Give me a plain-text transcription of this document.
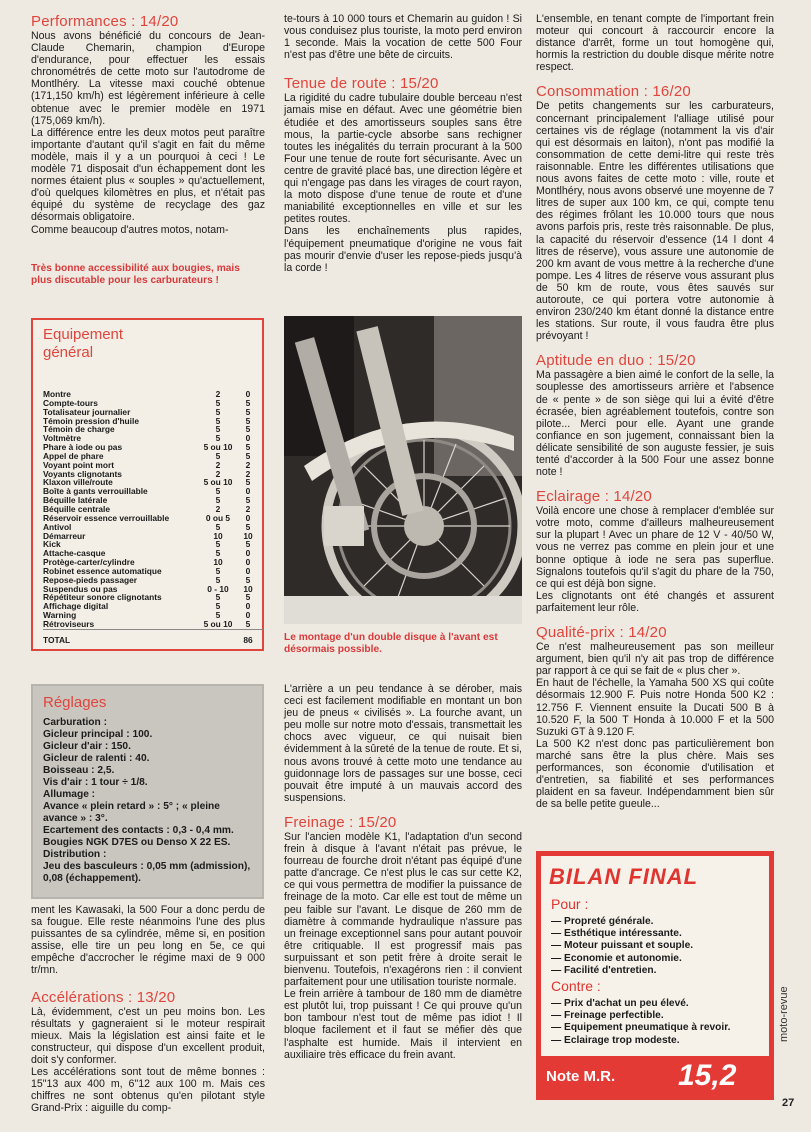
Performances : 14/20

Nous avons bénéficié du concours de Jean-Claude Chemarin, champion d'Europe d'endurance, pour effectuer les essais chronométrés de cette moto sur l'autodrome de Montlhéry. La vitesse maxi couché obtenue (171,150 km/h) est légèrement inférieure à celle obtenue avec le premier modèle en 1971 (175,069 km/h).

La différence entre les deux motos peut paraître importante d'autant qu'il s'agit en fait du même modèle, mais il y a un pourquoi à ceci ! Le modèle 71 disposait d'un échappement dont les normes étaient plus « souples » qu'actuellement, d'où quelques kilomètres en plus, et n'était pas équipé du système de recyclage des gaz désormais obligatoire.

Comme beaucoup d'autres motos, notam-

Très bonne accessibilité aux bougies, mais plus discutable pour les carburateurs !
Equipement général
Montre	2	0
Compte-tours	5	5
Totalisateur journalier	5	5
Témoin pression d'huile	5	5
Témoin de charge	5	5
Voltmètre	5	0
Phare à iode ou pas	5 ou 10	5
Appel de phare	5	5
Voyant point mort	2	2
Voyants clignotants	2	2
Klaxon ville/route	5 ou 10	5
Boîte à gants verrouillable	5	0
Béquille latérale	5	5
Béquille centrale	2	2
Réservoir essence verrouillable	0 ou 5	0
Antivol	5	5
Démarreur	10	10
Kick	5	5
Attache-casque	5	0
Protège-carter/cylindre	10	0
Robinet essence automatique	5	0
Repose-pieds passager	5	5
Suspendus ou pas	0 - 10	10
Répétiteur sonore clignotants	5	5
Affichage digital	5	0
Warning	5	0
Rétroviseurs	5 ou 10	5
TOTAL		86
Réglages
Carburation :
Gicleur principal : 100.
Gicleur d'air : 150.
Gicleur de ralenti : 40.
Boisseau : 2,5.
Vis d'air : 1 tour ÷ 1/8.
Allumage :
Avance « plein retard » : 5° ; « pleine avance » : 3°.
Ecartement des contacts : 0,3 - 0,4 mm.
Bougies NGK D7ES ou Denso X 22 ES.
Distribution :
Jeu des basculeurs : 0,05 mm (admission), 0,08 (échappement).

ment les Kawasaki, la 500 Four a donc perdu de sa fougue. Elle reste néanmoins l'une des plus puissantes de sa cylindrée, même si, en position assise, elle tire un peu long en 5e, ce qui empêche d'accrocher le régime maxi de 9 000 tr/mn.

Accélérations : 13/20

Là, évidemment, c'est un peu moins bon. Les résultats y gagneraient si le moteur respirait mieux. Mais la législation est ainsi faite et le constructeur, qui dispose d'un excellent produit, doit s'y conformer.

Les accélérations sont tout de même bonnes : 15"13 aux 400 m, 6"12 aux 100 m. Mais ces chiffres ne sont obtenus qu'en pilotant style Grand-Prix : aiguille du comp-

te-tours à 10 000 tours et Chemarin au guidon ! Si vous conduisez plus touriste, la moto perd environ 1 seconde. Mais la vocation de cette 500 Four n'est pas d'être une bête de circuits.

Tenue de route : 15/20

La rigidité du cadre tubulaire double berceau n'est jamais mise en défaut. Avec une géométrie bien étudiée et des amortisseurs souples sans être mous, la partie-cycle absorbe sans rechigner toutes les inégalités du terrain procurant à la 500 Four une tenue de route fort sécurisante. Avec un centre de gravité placé bas, une direction légère et qui n'engage pas dans les virages de court rayon, la moto dispose d'une tenue de route et d'une maniabilité exceptionnelles en ville et sur les petites routes.

Dans les enchaînements plus rapides, l'équipement pneumatique d'origine ne vous fait pas mourir d'envie d'user les repose-pieds jusqu'à la corde !

Le montage d'un double disque à l'avant est désormais possible.

L'arrière a un peu tendance à se dérober, mais ceci est facilement modifiable en montant un bon jeu de pneus « civilisés ». La fourche avant, un peu molle sur notre moto d'essais, transmettait les chocs avec vigueur, ce qui nuisait bien évidemment à la sûreté de la tenue de route. Et si, nous avons trouvé à cette moto une tendance au guidonnage lors de passages sur une bosse, ceci pouvait être imputé à un mauvais accord des suspensions.

Freinage : 15/20

Sur l'ancien modèle K1, l'adaptation d'un second frein à disque à l'avant n'était pas prévue, le fourreau de fourche droit n'étant pas équipé d'une patte d'ancrage. Ce n'est plus le cas sur cette K2, ce qui vous permettra de modifier la puissance de freinage de la moto. Car elle est tout de même un peu faible sur l'avant. Le disque de 260 mm de diamètre à commande hydraulique n'assure pas un freinage exceptionnel sans pour autant pouvoir être critiquable. Il est progressif mais pas surpuissant et son petit frère à droite serait le bienvenu. Toutefois, n'exagérons rien : il convient parfaitement pour une utilisation touriste normale.

Le frein arrière à tambour de 180 mm de diamètre est plutôt lui, trop puissant ! Ce qui prouve qu'un bon tambour n'est tout de même pas idiot ! Il bloque facilement et il faut se méfier dès que l'asphalte est humide. Mais il intervient en auxiliaire très efficace du frein avant.

L'ensemble, en tenant compte de l'important frein moteur qui concourt à raccourcir encore la distance d'arrêt, forme un tout homogène qui, hormis la restriction du double disque mérite notre respect.

Consommation : 16/20

De petits changements sur les carburateurs, concernant principalement l'alliage utilisé pour certaines vis de réglage (notamment la vis d'air qui est désormais en laiton), n'ont pas modifié la consommation de cette demi-litre qui reste très raisonnable. Entre les différentes utilisations que nous avons faites de cette moto : ville, route et Montlhéry, nous avons observé une moyenne de 7 litres de super aux 100 km, ce qui, compte tenu des régimes frôlant les 10.000 tours que nous avons parfois pris, reste très raisonnable. De plus, la capacité du réservoir d'essence (14 l dont 4 litres de réserve), vous assure une autonomie de 200 km avant de vous mettre à la recherche d'une pompe. Les 4 litres de réserve vous assurant plus de 50 km de route, vous êtes sauvés sur autoroute, ce qui portera votre autonomie à environ 230/240 km étant donné la distance entre les stations. Sur route, il vous faudra être plus prévoyant !

Aptitude en duo : 15/20

Ma passagère a bien aimé le confort de la selle, la souplesse des amortisseurs arrière et l'absence de « pente » de son siège qui lui a évité d'être écrasée, bien agréablement toutefois, contre son pilote... Merci pour elle. Ayant une grande confiance en son jugement, connaissant bien la délicate sensibilité de son auguste fessier, je suis tenté d'accorder à la 500 Four une assez bonne note !

Eclairage : 14/20

Voilà encore une chose à remplacer d'emblée sur votre moto, comme d'ailleurs malheureusement sur la plupart ! Avec un phare de 12 V - 40/50 W, vous ne verrez pas comme en plein jour et une bonne optique à iode ne sera pas superflue. Signalons toutefois qu'il s'agit du phare de la 750, ce qui est déjà bon signe.

Les clignotants ont été changés et assurent parfaitement leur rôle.

Qualité-prix : 14/20

Ce n'est malheureusement pas son meilleur argument, bien qu'il n'y ait pas trop de différence par rapport à ce qui se fait de « plus cher ».

En haut de l'échelle, la Yamaha 500 XS qui coûte désormais 12.900 F. Puis notre Honda 500 K2 : 12.756 F. Viennent ensuite la Ducati 500 B à 10.520 F, la 500 T Honda à 10.000 F et la 500 Suzuki GT à 9.120 F.

La 500 K2 n'est donc pas particulièrement bon marché sans être la plus chère. Mais ses performances, son économie d'utilisation et d'entretien, sa fiabilité et ses performances plaident en sa faveur. Indépendamment bien sûr de sa belle petite gueule...

BILAN FINAL
Pour :
— Propreté générale.
— Esthétique intéressante.
— Moteur puissant et souple.
— Economie et autonomie.
— Facilité d'entretien.
Contre :
— Prix d'achat un peu élevé.
— Freinage perfectible.
— Equipement pneumatique à revoir.
— Eclairage trop modeste.
Note M.R. 15,2
moto-revue
27
